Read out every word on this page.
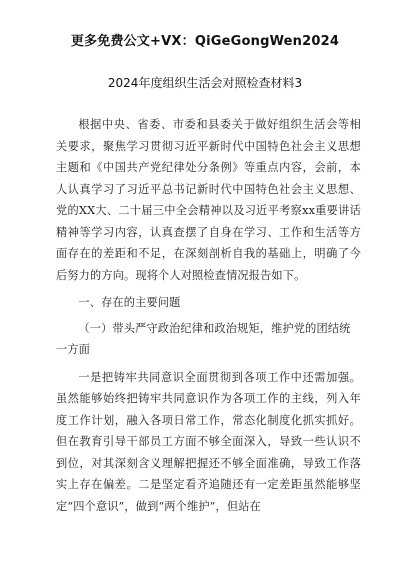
更多免费公文+VX：QiGeGongWen2024
2024年度组织生活会对照检查材料3

根据中央、省委、市委和县委关于做好组织生活会等相关要求，聚焦学习贯彻习近平新时代中国特色社会主义思想主题和《中国共产党纪律处分条例》等重点内容，会前，本人认真学习了习近平总书记新时代中国特色社会主义思想、党的XX大、二十届三中全会精神以及习近平考察xx重要讲话精神等学习内容，认真查摆了自身在学习、工作和生活等方面存在的差距和不足，在深刻剖析自我的基础上，明确了今后努力的方向。现将个人对照检查情况报告如下。

一、存在的主要问题

（一）带头严守政治纪律和政治规矩，维护党的团结统一方面

一是把铸牢共同意识全面贯彻到各项工作中还需加强。虽然能够始终把铸牢共同意识作为各项工作的主线，列入年度工作计划，融入各项日常工作，常态化制度化抓实抓好。但在教育引导干部员工方面不够全面深入，导致一些认识不到位，对其深刻含义理解把握还不够全面准确，导致工作落实上存在偏差。二是坚定看齐追随还有一定差距虽然能够坚定“四个意识”，做到“两个维护”，但站在
